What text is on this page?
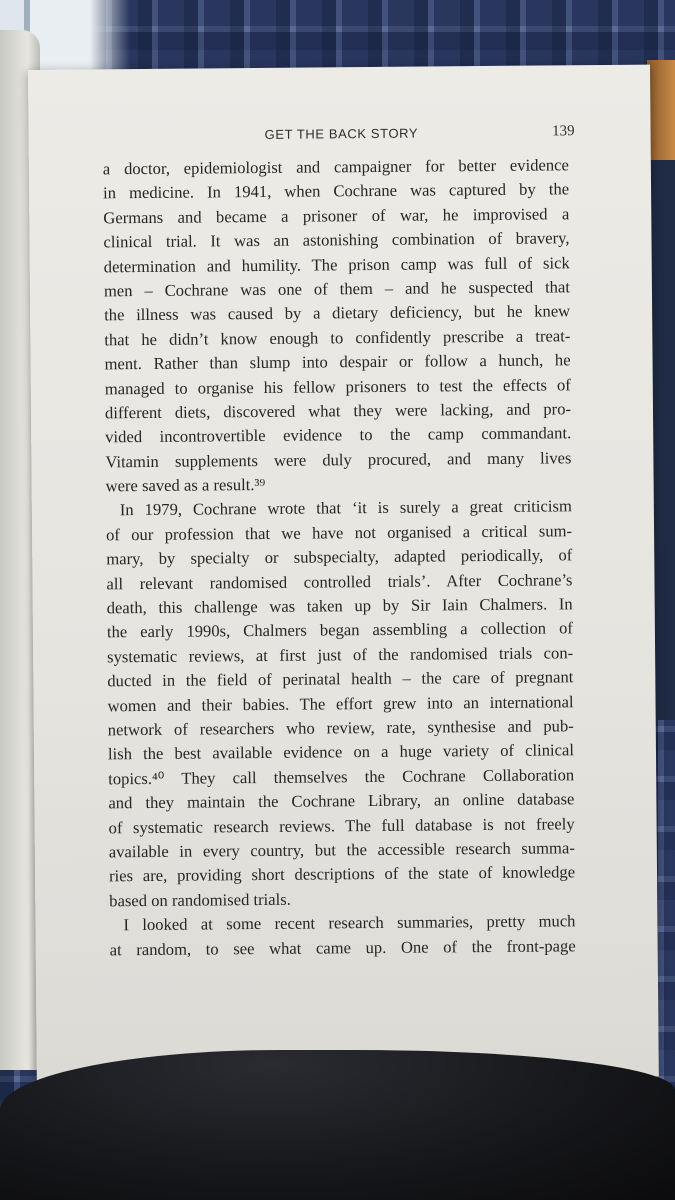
GET THE BACK STORY	139
a doctor, epidemiologist and campaigner for better evidence
in medicine. In 1941, when Cochrane was captured by the
Germans and became a prisoner of war, he improvised a
clinical trial. It was an astonishing combination of bravery,
determination and humility. The prison camp was full of sick
men – Cochrane was one of them – and he suspected that
the illness was caused by a dietary deficiency, but he knew
that he didn’t know enough to confidently prescribe a treat-
ment. Rather than slump into despair or follow a hunch, he
managed to organise his fellow prisoners to test the effects of
different diets, discovered what they were lacking, and pro-
vided incontrovertible evidence to the camp commandant.
Vitamin supplements were duly procured, and many lives
were saved as a result.³⁹
In 1979, Cochrane wrote that ‘it is surely a great criticism
of our profession that we have not organised a critical sum-
mary, by specialty or subspecialty, adapted periodically, of
all relevant randomised controlled trials’. After Cochrane’s
death, this challenge was taken up by Sir Iain Chalmers. In
the early 1990s, Chalmers began assembling a collection of
systematic reviews, at first just of the randomised trials con-
ducted in the field of perinatal health – the care of pregnant
women and their babies. The effort grew into an international
network of researchers who review, rate, synthesise and pub-
lish the best available evidence on a huge variety of clinical
topics.⁴⁰ They call themselves the Cochrane Collaboration
and they maintain the Cochrane Library, an online database
of systematic research reviews. The full database is not freely
available in every country, but the accessible research summa-
ries are, providing short descriptions of the state of knowledge
based on randomised trials.
I looked at some recent research summaries, pretty much
at random, to see what came up. One of the front-page
